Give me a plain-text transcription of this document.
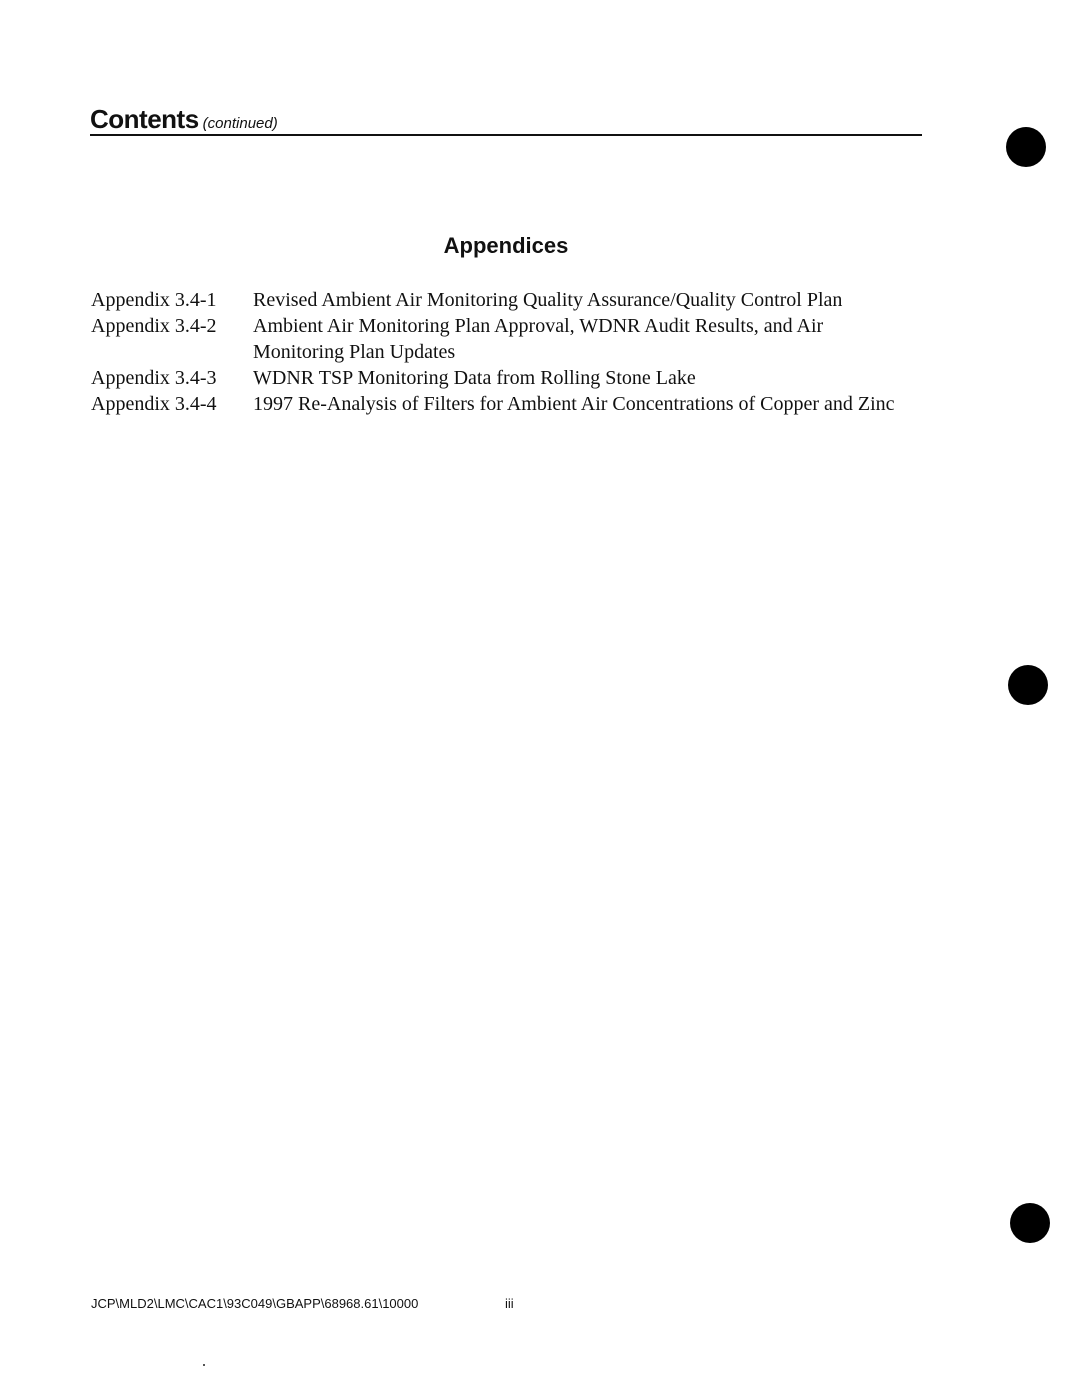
Contents (continued)
Appendices
Appendix 3.4-1	Revised Ambient Air Monitoring Quality Assurance/Quality Control Plan
Appendix 3.4-2	Ambient Air Monitoring Plan Approval, WDNR Audit Results, and Air Monitoring Plan Updates
Appendix 3.4-3	WDNR TSP Monitoring Data from Rolling Stone Lake
Appendix 3.4-4	1997 Re-Analysis of Filters for Ambient Air Concentrations of Copper and Zinc
JCP\MLD2\LMC\CAC1\93C049\GBAPP\68968.61\10000	iii
